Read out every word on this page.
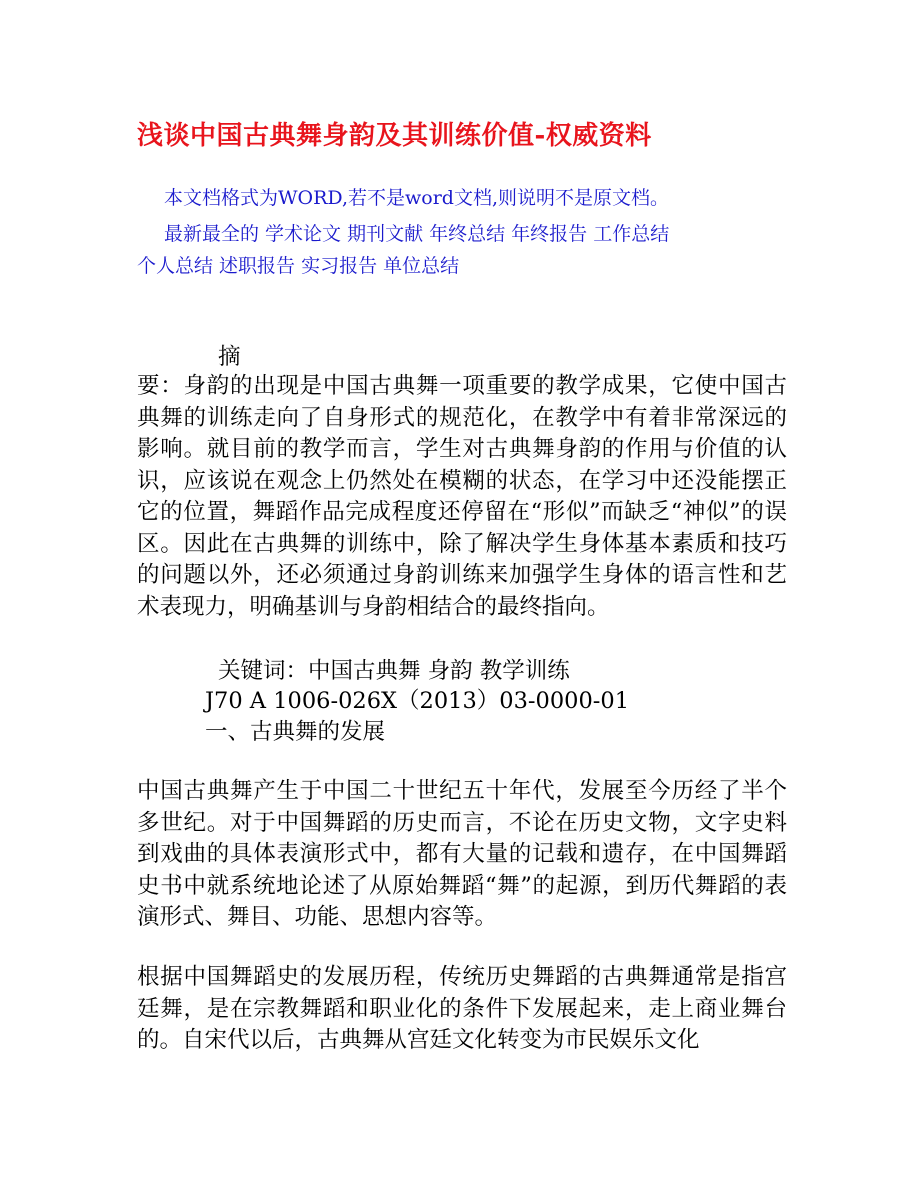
浅谈中国古典舞身韵及其训练价值-权威资料
本文档格式为WORD,若不是word文档,则说明不是原文档。
最新最全的 学术论文 期刊文献 年终总结 年终报告 工作总结
个人总结 述职报告 实习报告 单位总结
摘
要：身韵的出现是中国古典舞一项重要的教学成果，它使中国古典舞的训练走向了自身形式的规范化，在教学中有着非常深远的影响。就目前的教学而言，学生对古典舞身韵的作用与价值的认识，应该说在观念上仍然处在模糊的状态，在学习中还没能摆正它的位置，舞蹈作品完成程度还停留在“形似”而缺乏“神似”的误区。因此在古典舞的训练中，除了解决学生身体基本素质和技巧的问题以外，还必须通过身韵训练来加强学生身体的语言性和艺术表现力，明确基训与身韵相结合的最终指向。
关键词：中国古典舞 身韵 教学训练
J70 A 1006-026X（2013）03-0000-01
一、古典舞的发展
中国古典舞产生于中国二十世纪五十年代，发展至今历经了半个多世纪。对于中国舞蹈的历史而言，不论在历史文物，文字史料到戏曲的具体表演形式中，都有大量的记载和遗存，在中国舞蹈史书中就系统地论述了从原始舞蹈“舞”的起源，到历代舞蹈的表演形式、舞目、功能、思想内容等。
根据中国舞蹈史的发展历程，传统历史舞蹈的古典舞通常是指宫廷舞，是在宗教舞蹈和职业化的条件下发展起来，走上商业舞台的。自宋代以后，古典舞从宫廷文化转变为市民娱乐文化
